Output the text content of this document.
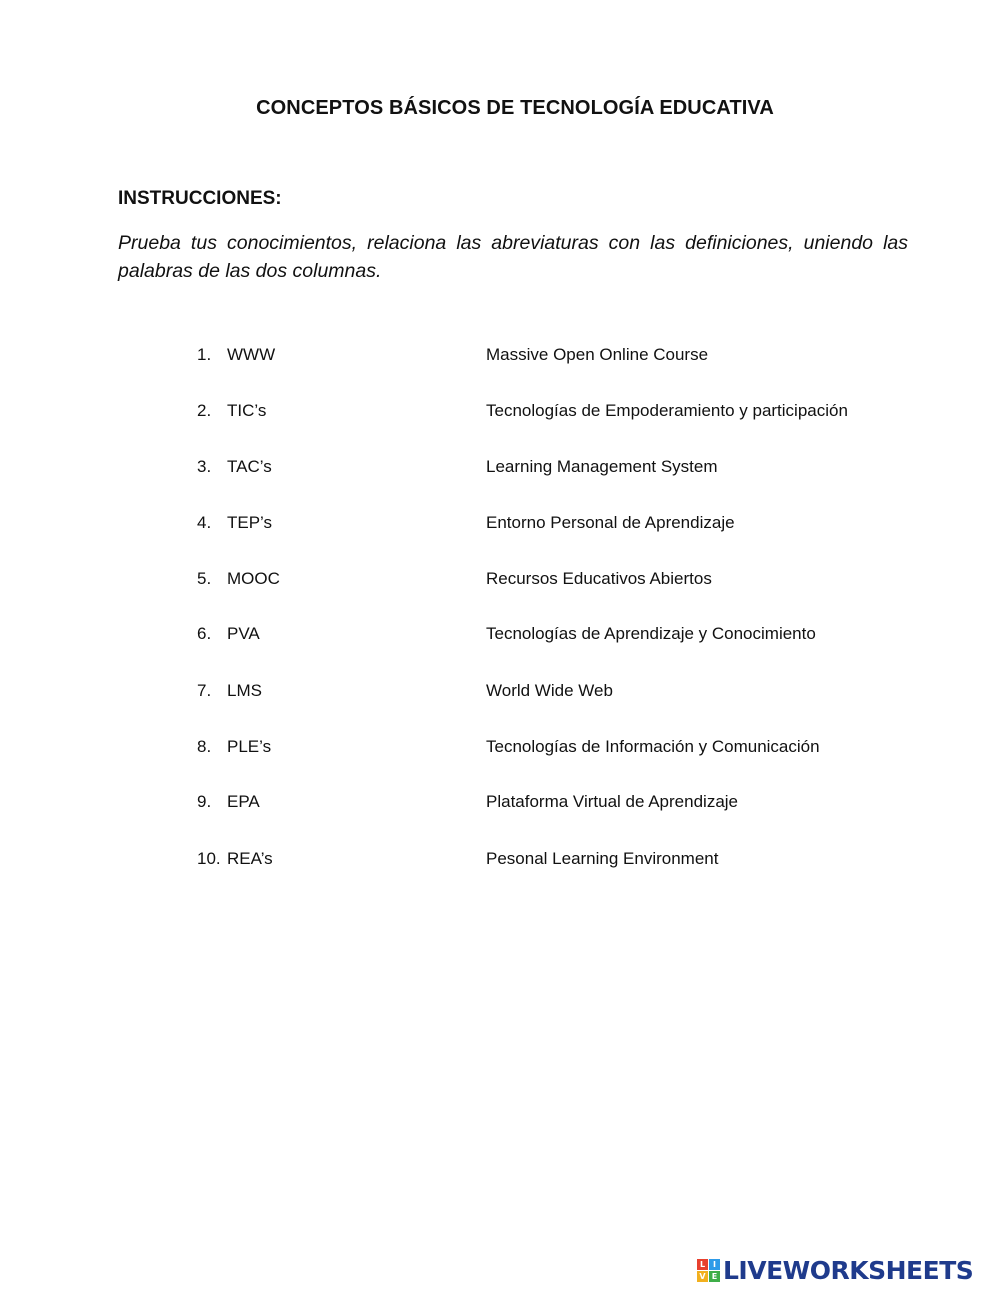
CONCEPTOS BÁSICOS DE TECNOLOGÍA EDUCATIVA
INSTRUCCIONES:
Prueba tus conocimientos, relaciona las abreviaturas con las definiciones, uniendo las palabras de las dos columnas.
1. WWW	Massive Open Online Course
2. TIC’s	Tecnologías de Empoderamiento y participación
3. TAC’s	Learning Management System
4. TEP’s	Entorno Personal de Aprendizaje
5. MOOC	Recursos Educativos Abiertos
6. PVA	Tecnologías de Aprendizaje y Conocimiento
7. LMS	World Wide Web
8. PLE’s	Tecnologías de Información y Comunicación
9. EPA	Plataforma Virtual de Aprendizaje
10. REA’s	Pesonal Learning Environment
L I
V E LIVEWORKSHEETS
